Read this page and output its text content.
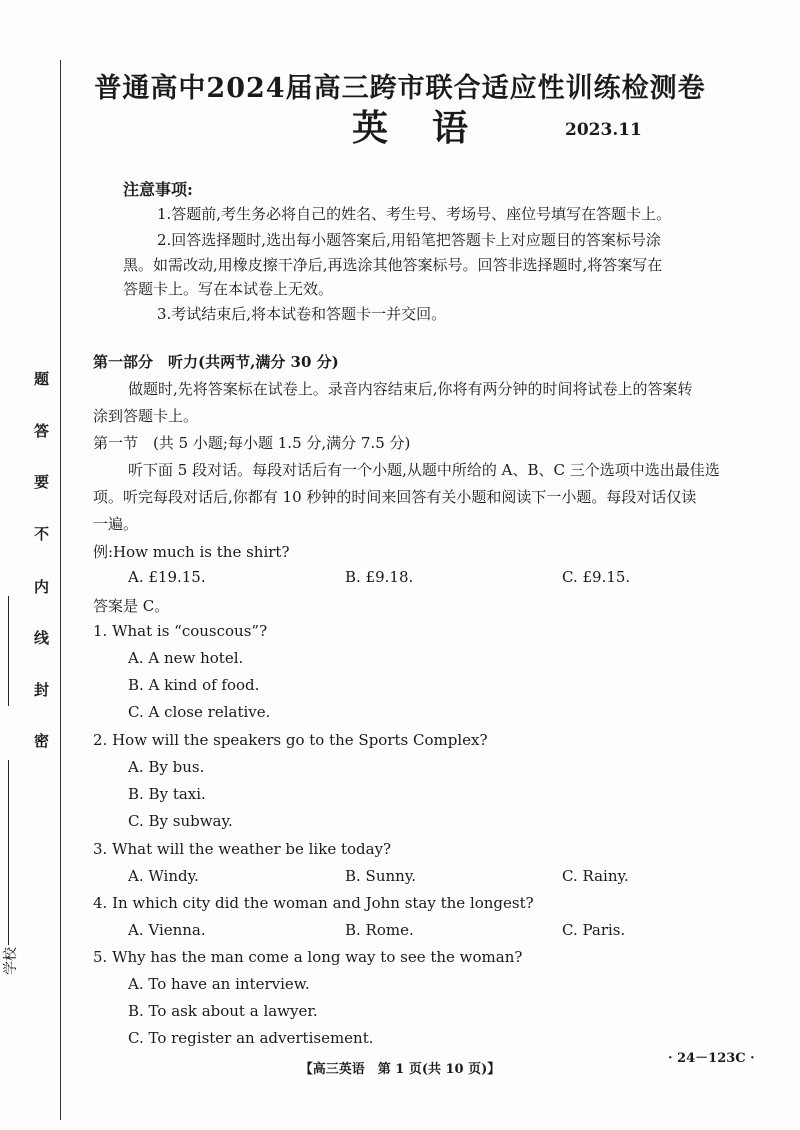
题
答
要
不
内
线
封
密
学校
普通高中2024届高三跨市联合适应性训练检测卷
英语	2023.11
注意事项:
1.答题前,考生务必将自己的姓名、考生号、考场号、座位号填写在答题卡上。
2.回答选择题时,选出每小题答案后,用铅笔把答题卡上对应题目的答案标号涂
黑。如需改动,用橡皮擦干净后,再选涂其他答案标号。回答非选择题时,将答案写在
答题卡上。写在本试卷上无效。
3.考试结束后,将本试卷和答题卡一并交回。
第一部分　听力(共两节,满分 30 分)
做题时,先将答案标在试卷上。录音内容结束后,你将有两分钟的时间将试卷上的答案转
涂到答题卡上。
第一节　(共 5 小题;每小题 1.5 分,满分 7.5 分)
听下面 5 段对话。每段对话后有一个小题,从题中所给的 A、B、C 三个选项中选出最佳选
项。听完每段对话后,你都有 10 秒钟的时间来回答有关小题和阅读下一小题。每段对话仅读
一遍。
例:How much is the shirt?
A. £19.15.	B. £9.18.	C. £9.15.
答案是 C。
1. What is “couscous”?
A. A new hotel.
B. A kind of food.
C. A close relative.
2. How will the speakers go to the Sports Complex?
A. By bus.
B. By taxi.
C. By subway.
3. What will the weather be like today?
A. Windy.	B. Sunny.	C. Rainy.
4. In which city did the woman and John stay the longest?
A. Vienna.	B. Rome.	C. Paris.
5. Why has the man come a long way to see the woman?
A. To have an interview.
B. To ask about a lawyer.
C. To register an advertisement.
【高三英语　第 1 页(共 10 页)】
· 24－123C ·
